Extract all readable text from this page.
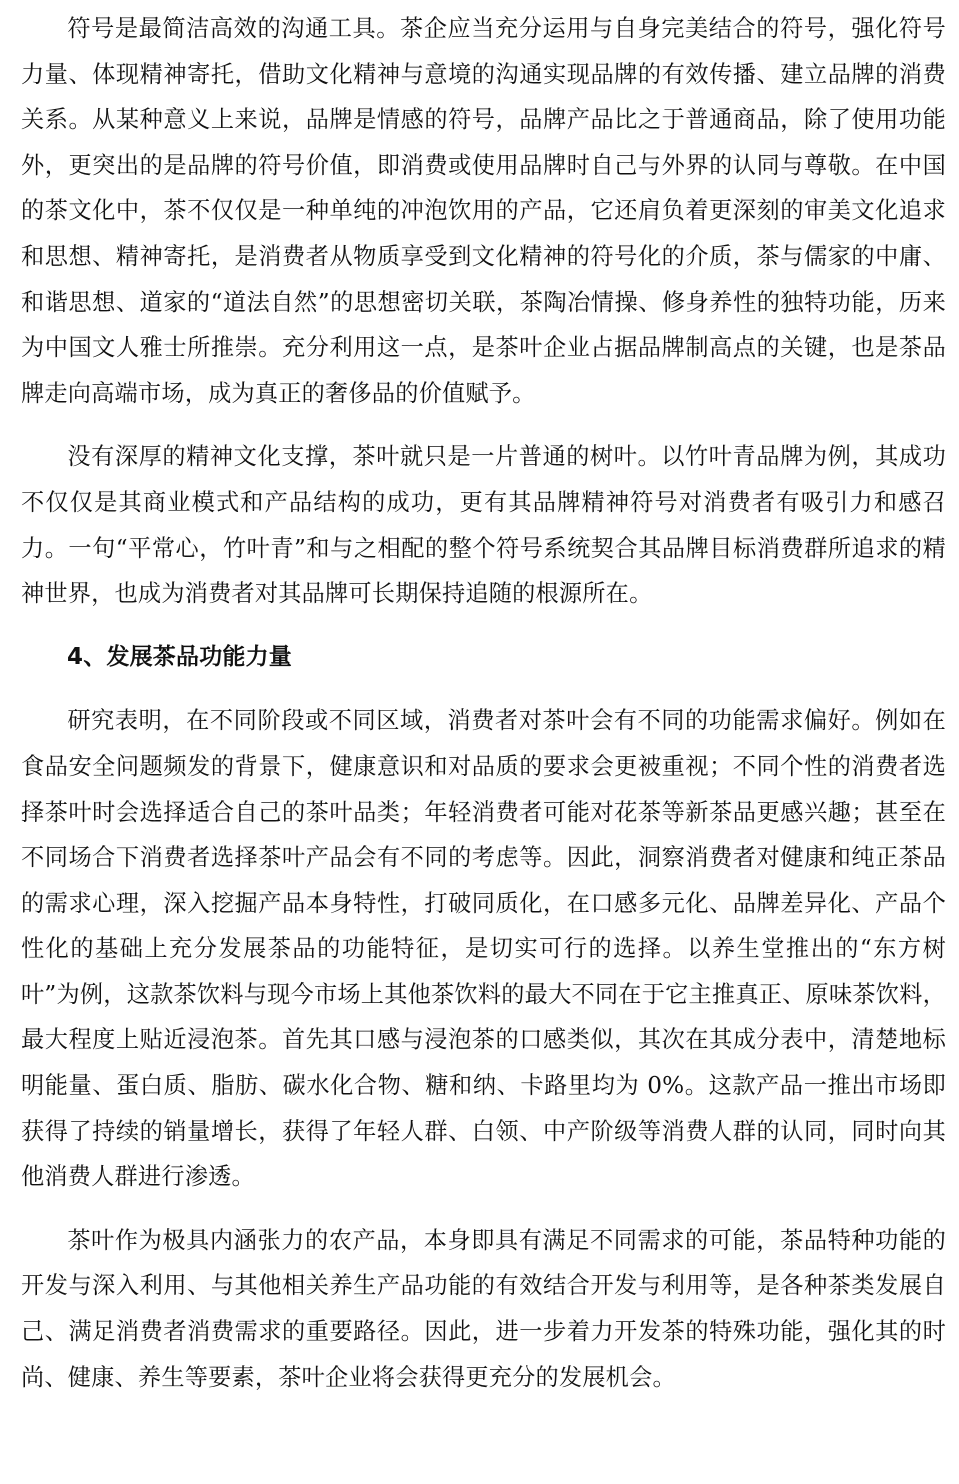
符号是最简洁高效的沟通工具。茶企应当充分运用与自身完美结合的符号，强化符号力量、体现精神寄托，借助文化精神与意境的沟通实现品牌的有效传播、建立品牌的消费关系。从某种意义上来说，品牌是情感的符号，品牌产品比之于普通商品，除了使用功能外，更突出的是品牌的符号价值，即消费或使用品牌时自己与外界的认同与尊敬。在中国的茶文化中，茶不仅仅是一种单纯的冲泡饮用的产品，它还肩负着更深刻的审美文化追求和思想、精神寄托，是消费者从物质享受到文化精神的符号化的介质，茶与儒家的中庸、和谐思想、道家的“道法自然”的思想密切关联，茶陶冶情操、修身养性的独特功能，历来为中国文人雅士所推崇。充分利用这一点，是茶叶企业占据品牌制高点的关键，也是茶品牌走向高端市场，成为真正的奢侈品的价值赋予。

没有深厚的精神文化支撑，茶叶就只是一片普通的树叶。以竹叶青品牌为例，其成功不仅仅是其商业模式和产品结构的成功，更有其品牌精神符号对消费者有吸引力和感召力。一句“平常心，竹叶青”和与之相配的整个符号系统契合其品牌目标消费群所追求的精神世界，也成为消费者对其品牌可长期保持追随的根源所在。

4、发展茶品功能力量

研究表明，在不同阶段或不同区域，消费者对茶叶会有不同的功能需求偏好。例如在食品安全问题频发的背景下，健康意识和对品质的要求会更被重视；不同个性的消费者选择茶叶时会选择适合自己的茶叶品类；年轻消费者可能对花茶等新茶品更感兴趣；甚至在不同场合下消费者选择茶叶产品会有不同的考虑等。因此，洞察消费者对健康和纯正茶品的需求心理，深入挖掘产品本身特性，打破同质化，在口感多元化、品牌差异化、产品个性化的基础上充分发展茶品的功能特征，是切实可行的选择。以养生堂推出的“东方树叶”为例，这款茶饮料与现今市场上其他茶饮料的最大不同在于它主推真正、原味茶饮料，最大程度上贴近浸泡茶。首先其口感与浸泡茶的口感类似，其次在其成分表中，清楚地标明能量、蛋白质、脂肪、碳水化合物、糖和纳、卡路里均为 0%。这款产品一推出市场即获得了持续的销量增长，获得了年轻人群、白领、中产阶级等消费人群的认同，同时向其他消费人群进行渗透。

茶叶作为极具内涵张力的农产品，本身即具有满足不同需求的可能，茶品特种功能的开发与深入利用、与其他相关养生产品功能的有效结合开发与利用等，是各种茶类发展自己、满足消费者消费需求的重要路径。因此，进一步着力开发茶的特殊功能，强化其的时尚、健康、养生等要素，茶叶企业将会获得更充分的发展机会。
